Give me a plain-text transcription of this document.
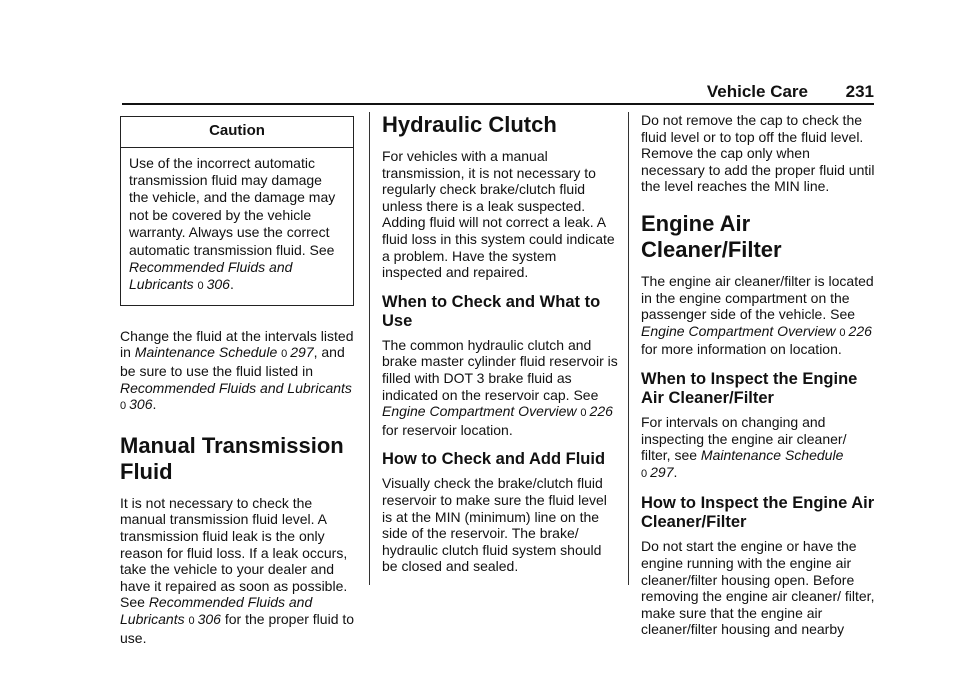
Vehicle Care 231
Caution
Use of the incorrect automatic transmission fluid may damage the vehicle, and the damage may not be covered by the vehicle warranty. Always use the correct automatic transmission fluid. See Recommended Fluids and Lubricants 0 306.

Change the fluid at the intervals listed in Maintenance Schedule 0 297, and be sure to use the fluid listed in Recommended Fluids and Lubricants 0 306.

Manual Transmission Fluid

It is not necessary to check the manual transmission fluid level. A transmission fluid leak is the only reason for fluid loss. If a leak occurs, take the vehicle to your dealer and have it repaired as soon as possible. See Recommended Fluids and Lubricants 0 306 for the proper fluid to use.

Hydraulic Clutch

For vehicles with a manual transmission, it is not necessary to regularly check brake/clutch fluid unless there is a leak suspected. Adding fluid will not correct a leak. A fluid loss in this system could indicate a problem. Have the system inspected and repaired.

When to Check and What to Use

The common hydraulic clutch and brake master cylinder fluid reservoir is filled with DOT 3 brake fluid as indicated on the reservoir cap. See Engine Compartment Overview 0 226 for reservoir location.

How to Check and Add Fluid

Visually check the brake/clutch fluid reservoir to make sure the fluid level is at the MIN (minimum) line on the side of the reservoir. The brake/ hydraulic clutch fluid system should be closed and sealed.

Do not remove the cap to check the fluid level or to top off the fluid level. Remove the cap only when necessary to add the proper fluid until the level reaches the MIN line.

Engine Air Cleaner/Filter

The engine air cleaner/filter is located in the engine compartment on the passenger side of the vehicle. See Engine Compartment Overview 0 226 for more information on location.

When to Inspect the Engine Air Cleaner/Filter

For intervals on changing and inspecting the engine air cleaner/ filter, see Maintenance Schedule 0 297.

How to Inspect the Engine Air Cleaner/Filter

Do not start the engine or have the engine running with the engine air cleaner/filter housing open. Before removing the engine air cleaner/ filter, make sure that the engine air cleaner/filter housing and nearby
